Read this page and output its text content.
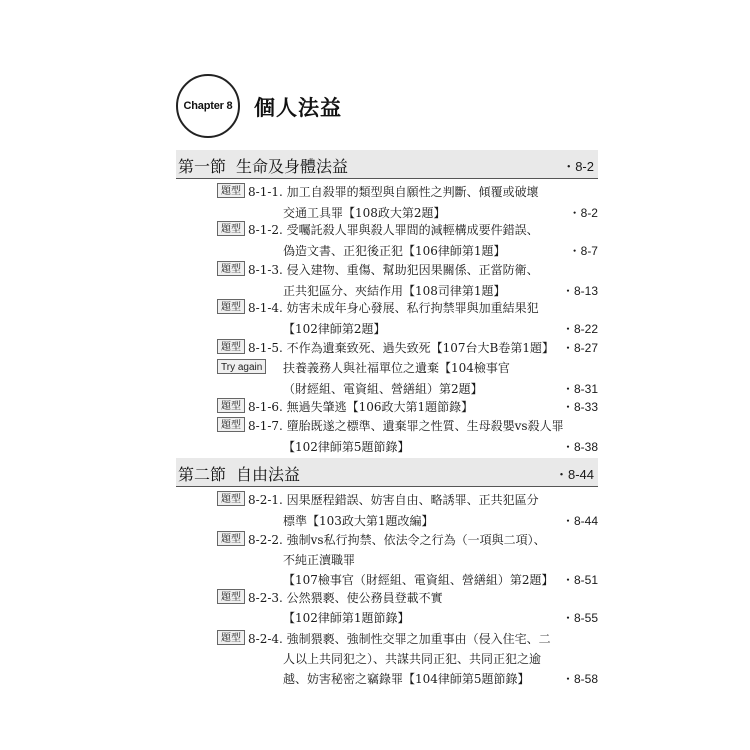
Chapter 8 個人法益
第一節 生命及身體法益	・8-2
題型 8-1-1. 加工自殺罪的類型與自願性之判斷、傾覆或破壞
交通工具罪【108政大第2題】	・8-2
題型 8-1-2. 受囑託殺人罪與殺人罪間的減輕構成要件錯誤、
偽造文書、正犯後正犯【106律師第1題】	・8-7
題型 8-1-3. 侵入建物、重傷、幫助犯因果關係、正當防衛、
正共犯區分、夾結作用【108司律第1題】	・8-13
題型 8-1-4. 妨害未成年身心發展、私行拘禁罪與加重結果犯
【102律師第2題】	・8-22
題型 8-1-5. 不作為遺棄致死、過失致死【107台大B卷第1題】 ・8-27
Try again	扶養義務人與社福單位之遺棄【104檢事官
（財經組、電資組、營繕組）第2題】	・8-31
題型 8-1-6. 無過失肇逃【106政大第1題節錄】	・8-33
題型 8-1-7. 墮胎既遂之標準、遺棄罪之性質、生母殺嬰vs殺人罪
【102律師第5題節錄】	・8-38
第二節 自由法益	・8-44
題型 8-2-1. 因果歷程錯誤、妨害自由、略誘罪、正共犯區分
標準【103政大第1題改編】	・8-44
題型 8-2-2. 強制vs私行拘禁、依法令之行為（一項與二項）、
不純正瀆職罪
【107檢事官（財經組、電資組、營繕組）第2題】 ・8-51
題型 8-2-3. 公然猥褻、使公務員登載不實
【102律師第1題節錄】	・8-55
題型 8-2-4. 強制猥褻、強制性交罪之加重事由（侵入住宅、二
人以上共同犯之）、共謀共同正犯、共同正犯之逾
越、妨害秘密之竊錄罪【104律師第5題節錄】	・8-58
